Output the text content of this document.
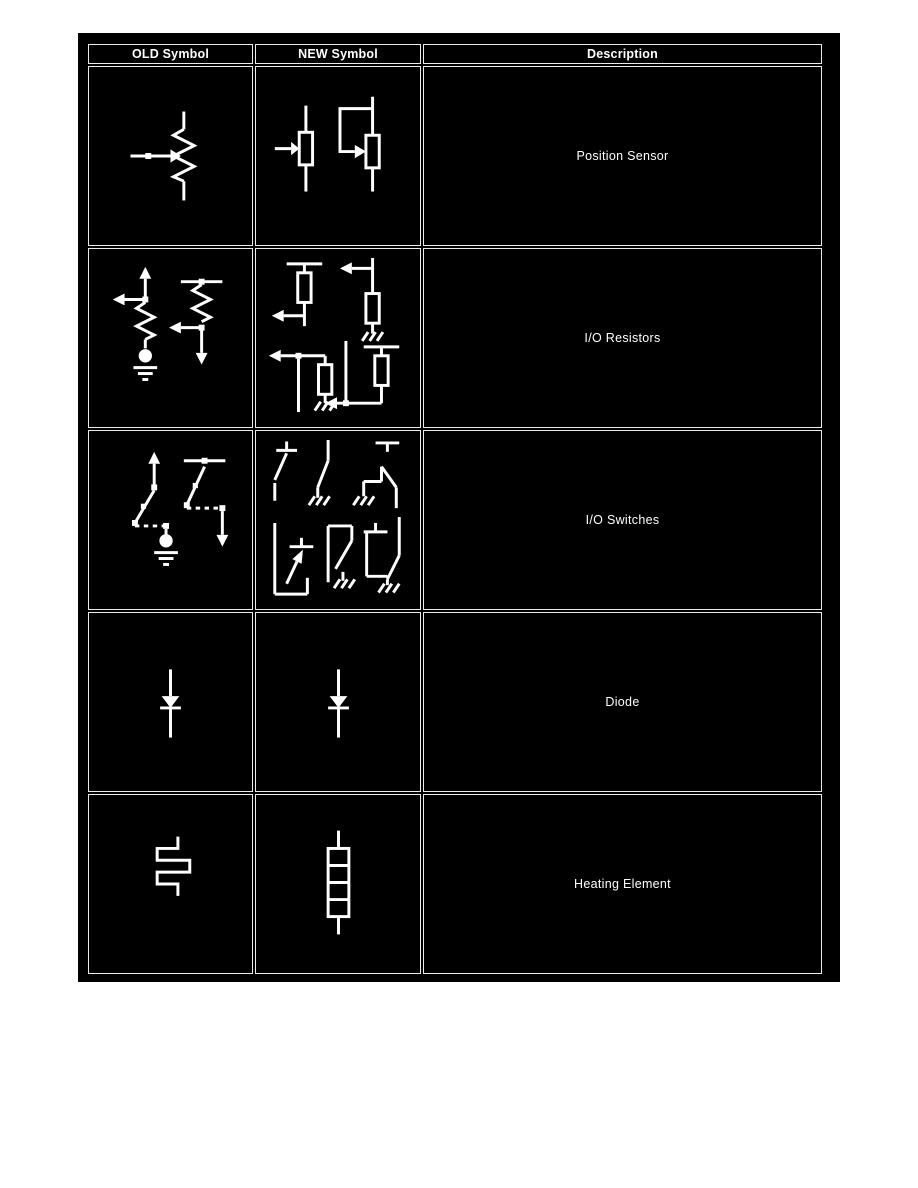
OLD Symbol	NEW Symbol	Description
Position Sensor
I/O Resistors
I/O Switches
Diode
Heating Element
